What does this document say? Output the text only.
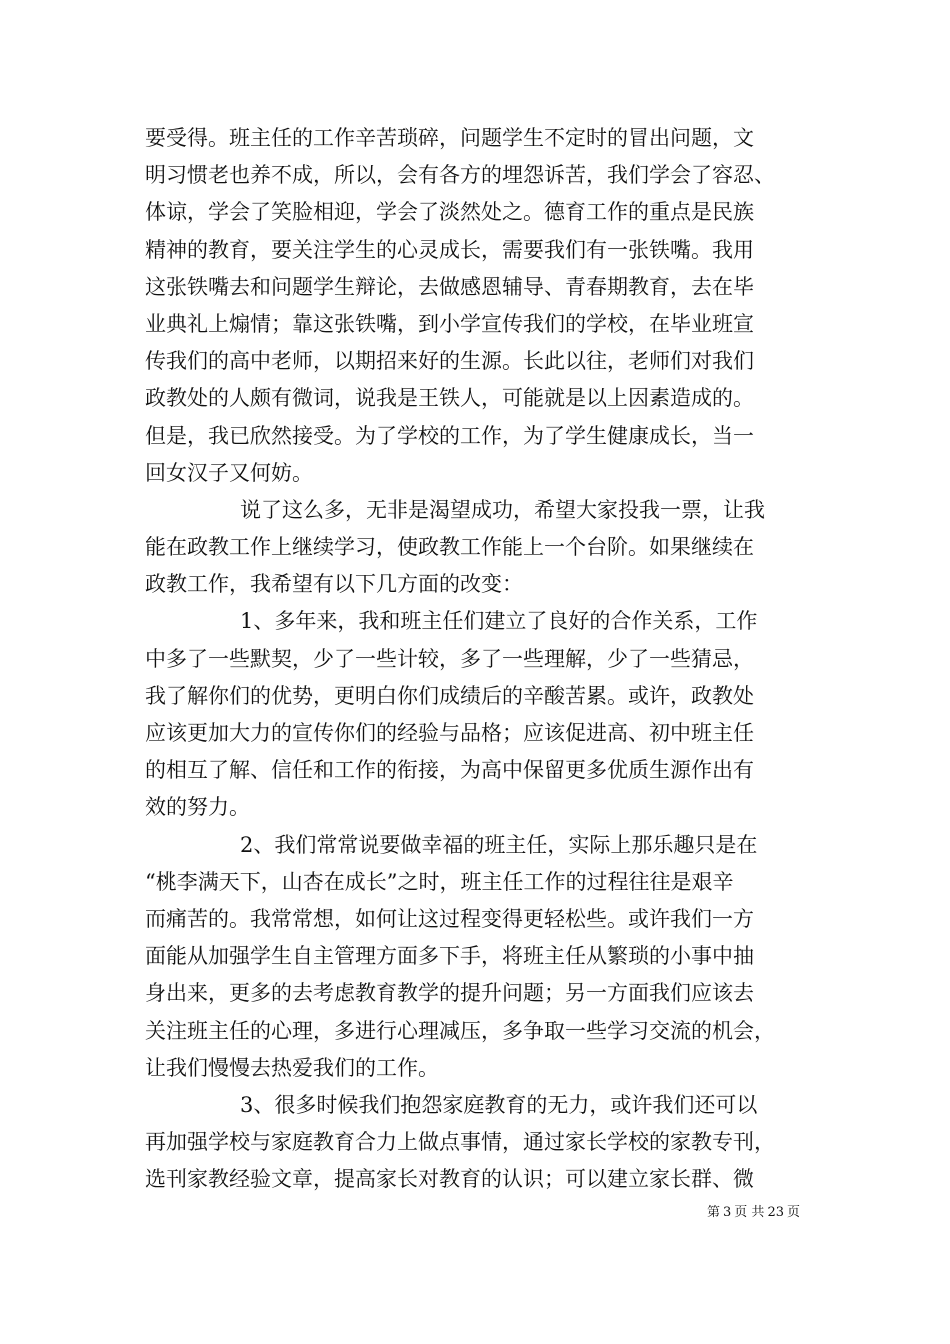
要受得。班主任的工作辛苦琐碎，问题学生不定时的冒出问题，文
明习惯老也养不成，所以，会有各方的埋怨诉苦，我们学会了容忍、
体谅，学会了笑脸相迎，学会了淡然处之。德育工作的重点是民族
精神的教育，要关注学生的心灵成长，需要我们有一张铁嘴。我用
这张铁嘴去和问题学生辩论，去做感恩辅导、青春期教育，去在毕
业典礼上煽情；靠这张铁嘴，到小学宣传我们的学校，在毕业班宣
传我们的高中老师，以期招来好的生源。长此以往，老师们对我们
政教处的人颇有微词，说我是王铁人，可能就是以上因素造成的。
但是，我已欣然接受。为了学校的工作，为了学生健康成长，当一
回女汉子又何妨。
说了这么多，无非是渴望成功，希望大家投我一票，让我
能在政教工作上继续学习，使政教工作能上一个台阶。如果继续在
政教工作，我希望有以下几方面的改变：
1、多年来，我和班主任们建立了良好的合作关系，工作
中多了一些默契，少了一些计较，多了一些理解，少了一些猜忌，
我了解你们的优势，更明白你们成绩后的辛酸苦累。或许，政教处
应该更加大力的宣传你们的经验与品格；应该促进高、初中班主任
的相互了解、信任和工作的衔接，为高中保留更多优质生源作出有
效的努力。
2、我们常常说要做幸福的班主任，实际上那乐趣只是在
“桃李满天下，山杏在成长”之时，班主任工作的过程往往是艰辛
而痛苦的。我常常想，如何让这过程变得更轻松些。或许我们一方
面能从加强学生自主管理方面多下手，将班主任从繁琐的小事中抽
身出来，更多的去考虑教育教学的提升问题；另一方面我们应该去
关注班主任的心理，多进行心理减压，多争取一些学习交流的机会，
让我们慢慢去热爱我们的工作。
3、很多时候我们抱怨家庭教育的无力，或许我们还可以
再加强学校与家庭教育合力上做点事情，通过家长学校的家教专刊，
选刊家教经验文章，提高家长对教育的认识；可以建立家长群、微
第 3 页 共 23 页
